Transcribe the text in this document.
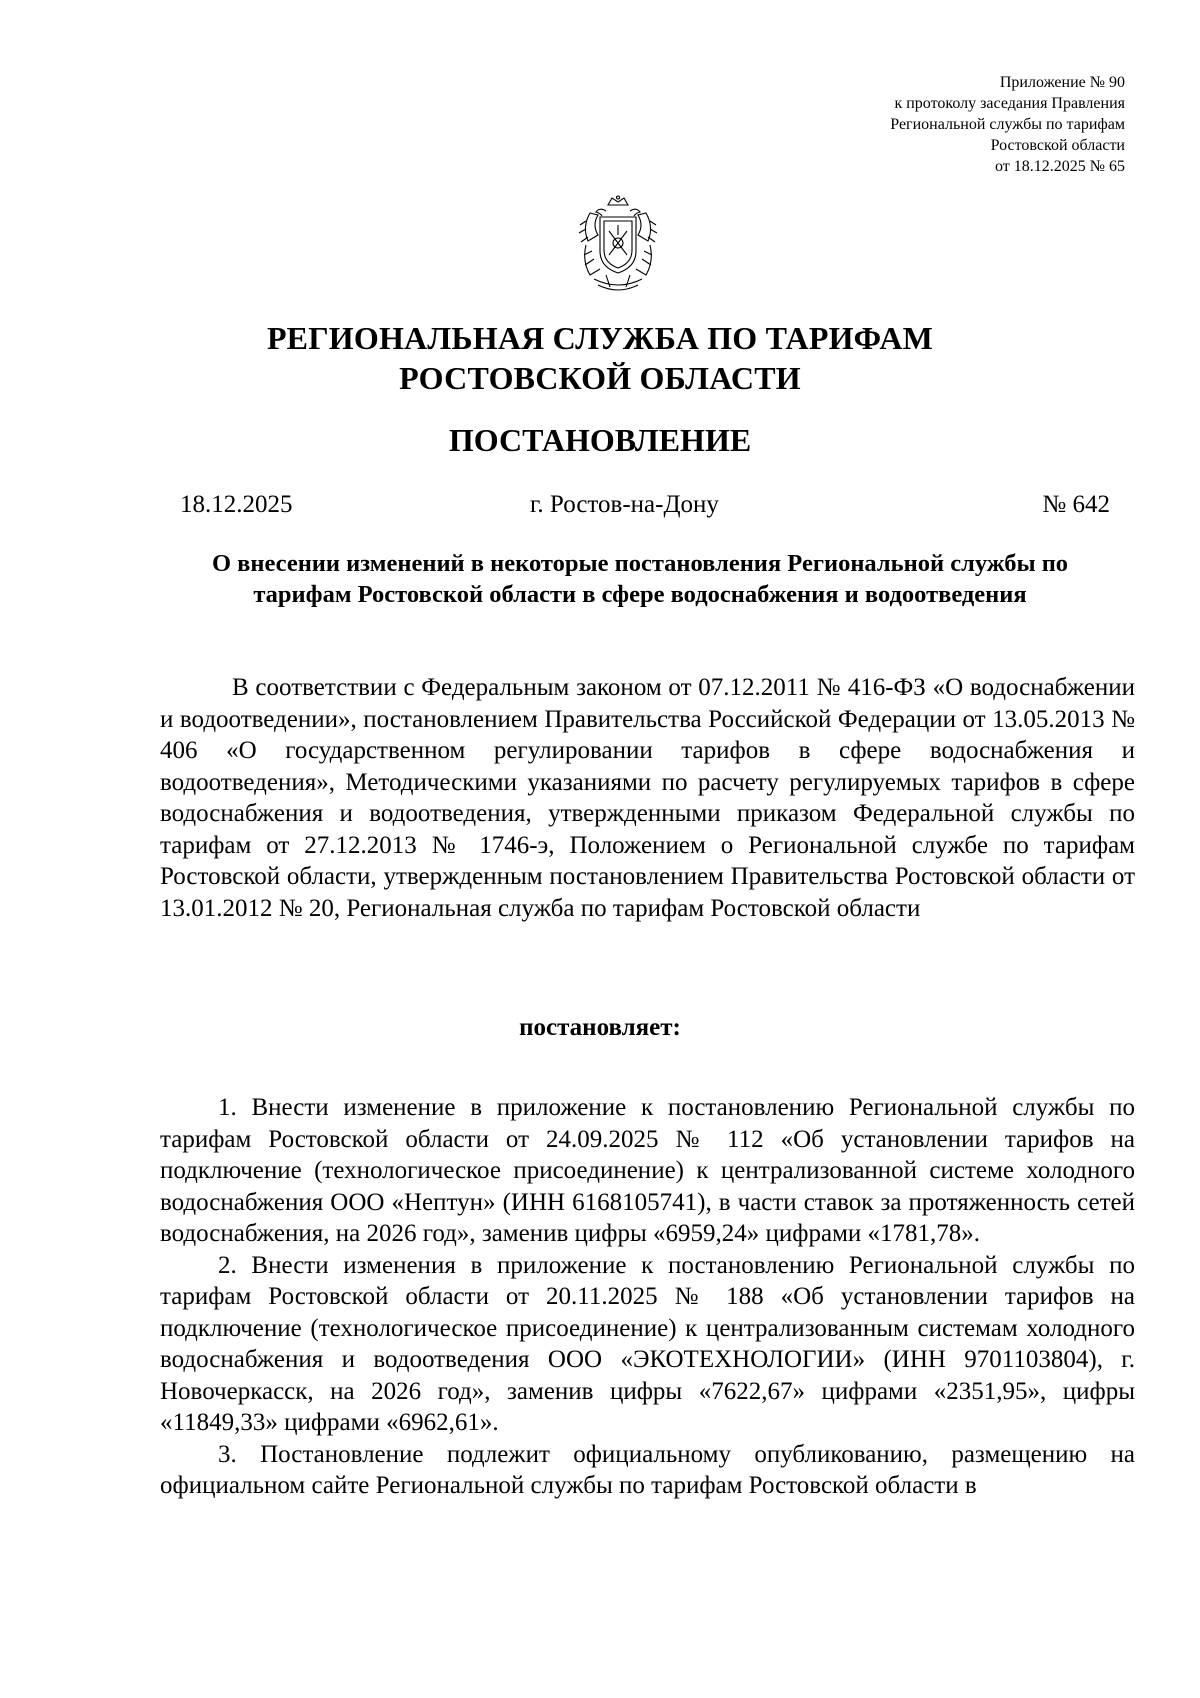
Приложение № 90
к протоколу заседания Правления
Региональной службы по тарифам
Ростовской области
от 18.12.2025 № 65
РЕГИОНАЛЬНАЯ СЛУЖБА ПО ТАРИФАМ
РОСТОВСКОЙ ОБЛАСТИ
ПОСТАНОВЛЕНИЕ
18.12.2025	г. Ростов-на-Дону	№ 642
О внесении изменений в некоторые постановления Региональной службы по тарифам Ростовской области в сфере водоснабжения и водоотведения
В соответствии с Федеральным законом от 07.12.2011 № 416-ФЗ «О водоснабжении и водоотведении», постановлением Правительства Российской Федерации от 13.05.2013 № 406 «О государственном регулировании тарифов в сфере водоснабжения и водоотведения», Методическими указаниями по расчету регулируемых тарифов в сфере водоснабжения и водоотведения, утвержденными приказом Федеральной службы по тарифам от 27.12.2013 № 1746-э, Положением о Региональной службе по тарифам Ростовской области, утвержденным постановлением Правительства Ростовской области от 13.01.2012 № 20, Региональная служба по тарифам Ростовской области
постановляет:

1. Внести изменение в приложение к постановлению Региональной службы по тарифам Ростовской области от 24.09.2025 № 112 «Об установлении тарифов на подключение (технологическое присоединение) к централизованной системе холодного водоснабжения ООО «Нептун» (ИНН 6168105741), в части ставок за протяженность сетей водоснабжения, на 2026 год», заменив цифры «6959,24» цифрами «1781,78».

2. Внести изменения в приложение к постановлению Региональной службы по тарифам Ростовской области от 20.11.2025 № 188 «Об установлении тарифов на подключение (технологическое присоединение) к централизованным системам холодного водоснабжения и водоотведения ООО «ЭКОТЕХНОЛОГИИ» (ИНН 9701103804), г. Новочеркасск, на 2026 год», заменив цифры «7622,67» цифрами «2351,95», цифры «11849,33» цифрами «6962,61».

3. Постановление подлежит официальному опубликованию, размещению на официальном сайте Региональной службы по тарифам Ростовской области в
